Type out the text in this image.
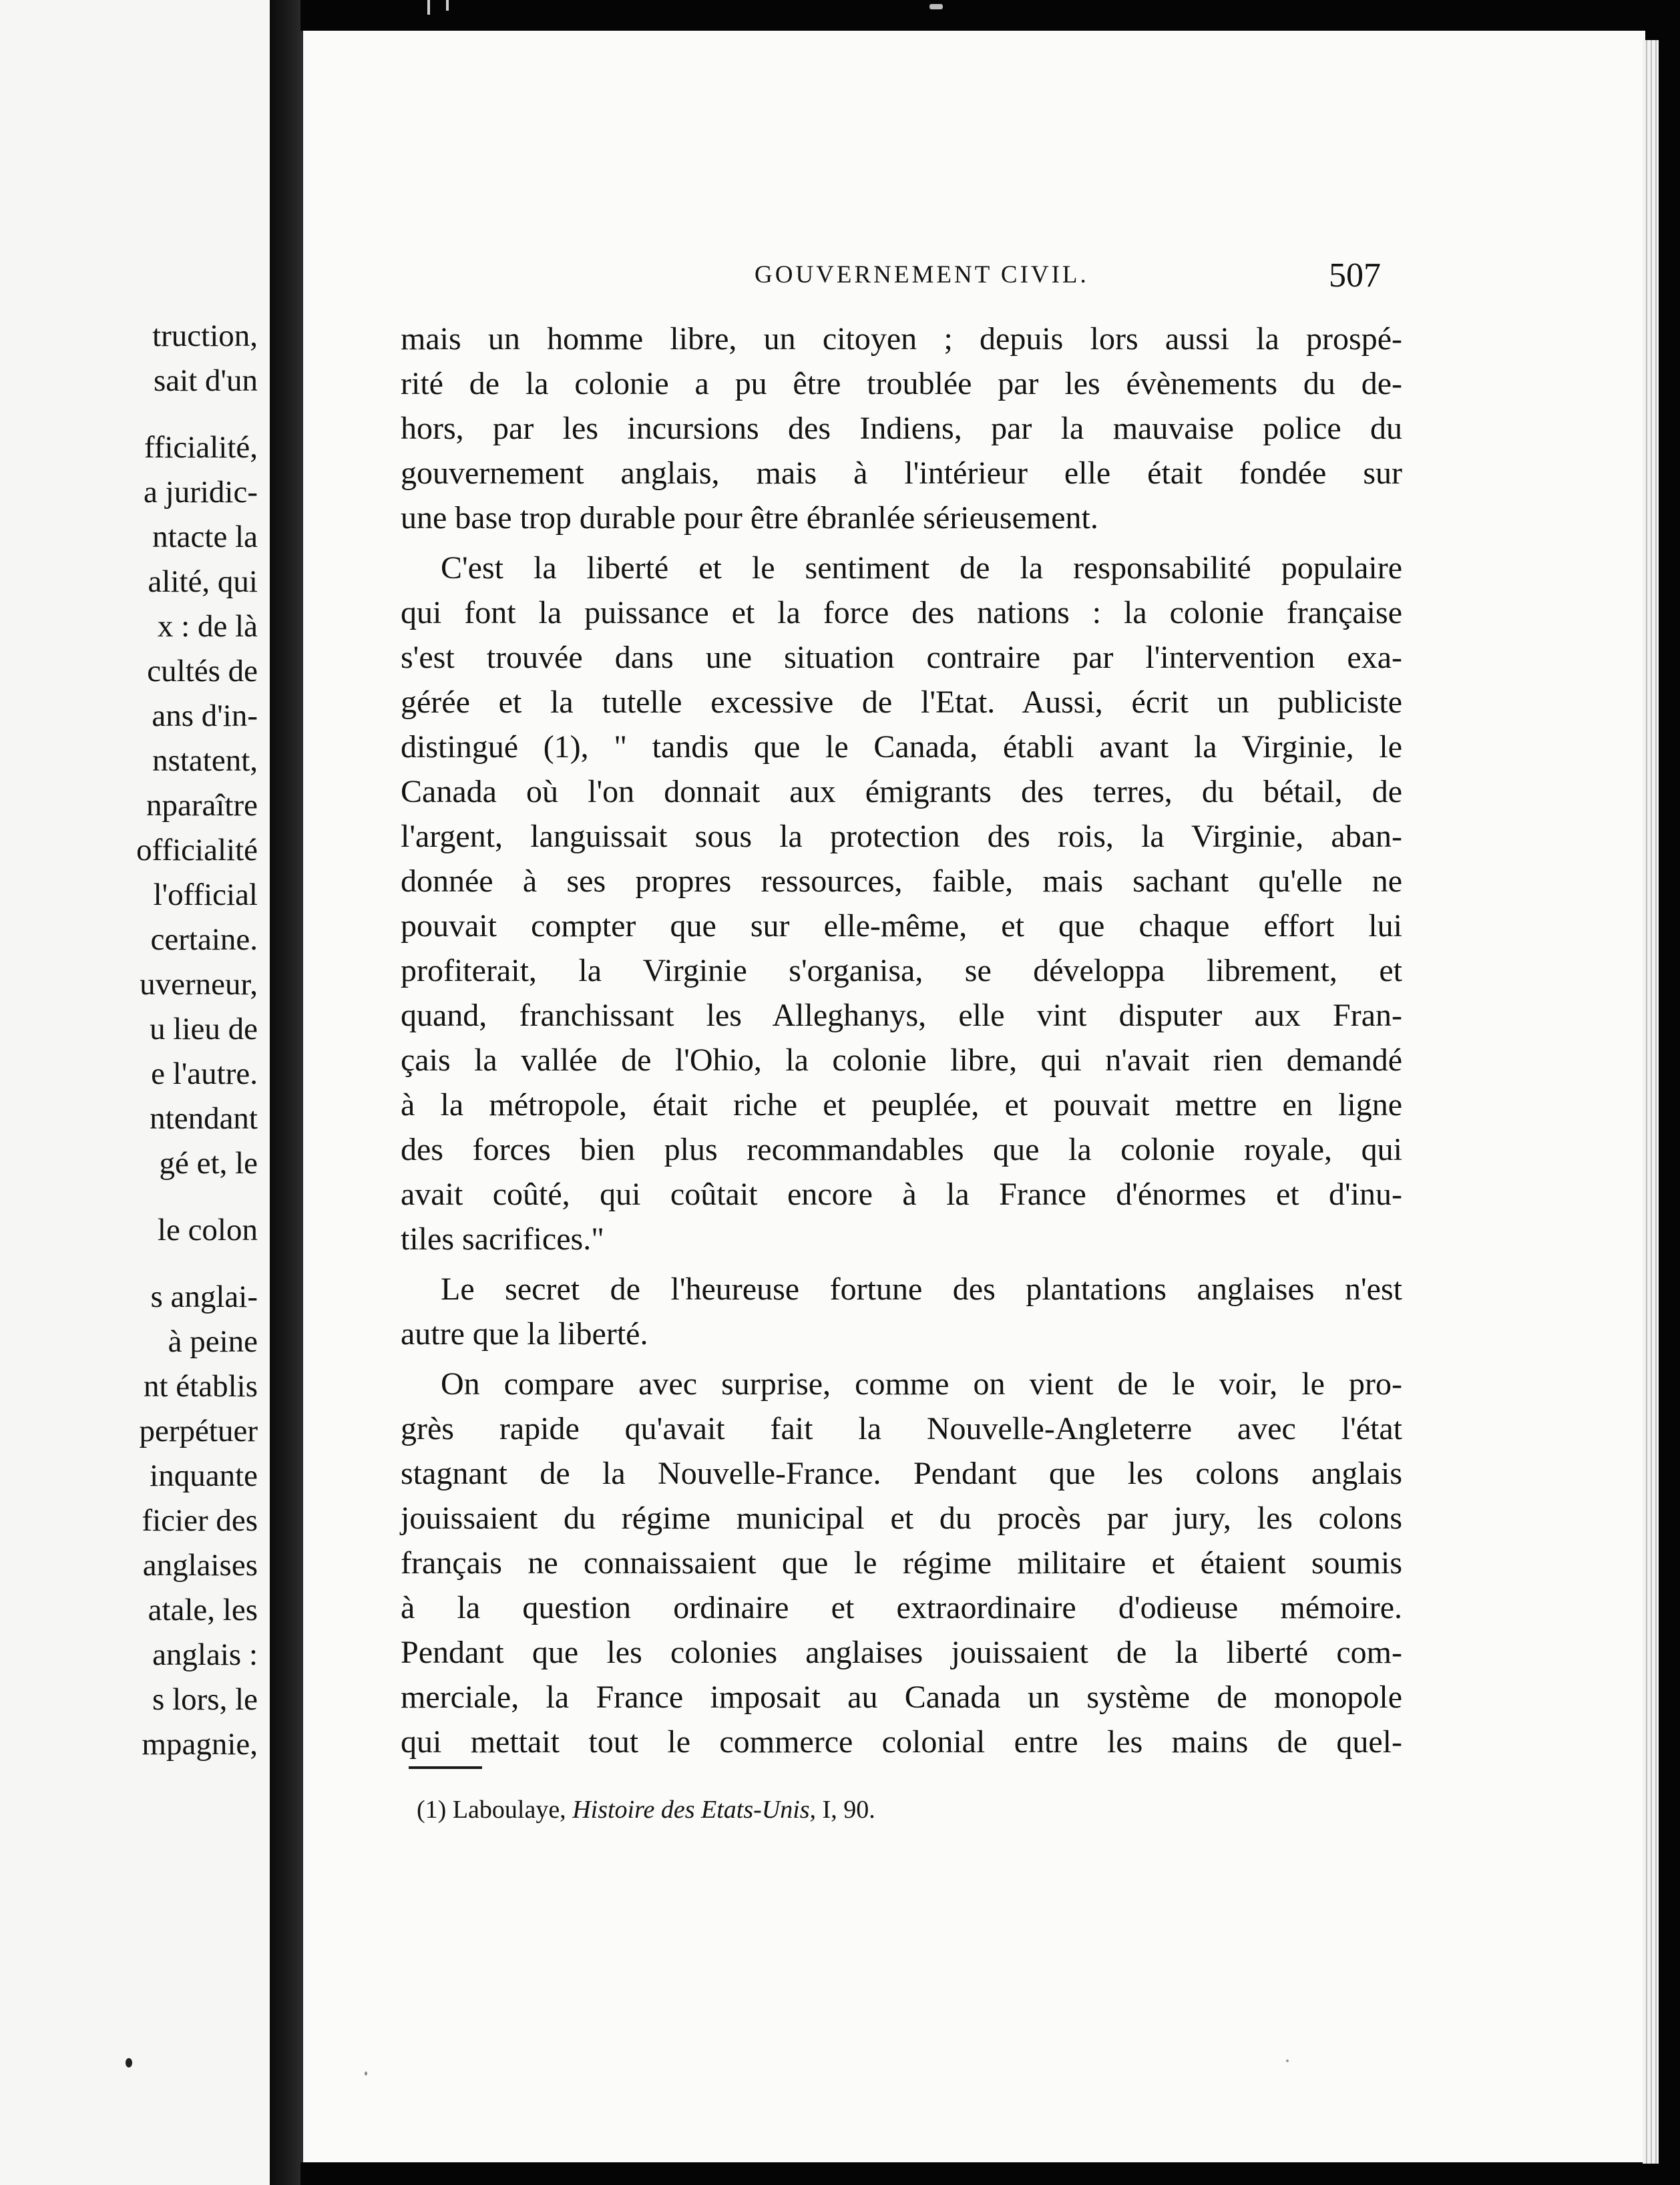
truction,
sait d'un
fficialité,
a juridic-
ntacte la
alité, qui
x : de là
cultés de
ans d'in-
nstatent,
nparaître
officialité
l'official
certaine.
uverneur,
u lieu de
e l'autre.
ntendant
gé et, le
le colon
s anglai-
à peine
nt établis
perpétuer
inquante
ficier des
anglaises
atale, les
anglais :
s lors, le
mpagnie,
GOUVERNEMENT CIVIL.	507
mais un homme libre, un citoyen ; depuis lors aussi la prospé-
rité de la colonie a pu être troublée par les évènements du de-
hors, par les incursions des Indiens, par la mauvaise police du
gouvernement anglais, mais à l'intérieur elle était fondée sur
une base trop durable pour être ébranlée sérieusement.
C'est la liberté et le sentiment de la responsabilité populaire
qui font la puissance et la force des nations : la colonie française
s'est trouvée dans une situation contraire par l'intervention exa-
gérée et la tutelle excessive de l'Etat. Aussi, écrit un publiciste
distingué (1), " tandis que le Canada, établi avant la Virginie, le
Canada où l'on donnait aux émigrants des terres, du bétail, de
l'argent, languissait sous la protection des rois, la Virginie, aban-
donnée à ses propres ressources, faible, mais sachant qu'elle ne
pouvait compter que sur elle-même, et que chaque effort lui
profiterait, la Virginie s'organisa, se développa librement, et
quand, franchissant les Alleghanys, elle vint disputer aux Fran-
çais la vallée de l'Ohio, la colonie libre, qui n'avait rien demandé
à la métropole, était riche et peuplée, et pouvait mettre en ligne
des forces bien plus recommandables que la colonie royale, qui
avait coûté, qui coûtait encore à la France d'énormes et d'inu-
tiles sacrifices."
Le secret de l'heureuse fortune des plantations anglaises n'est
autre que la liberté.
On compare avec surprise, comme on vient de le voir, le pro-
grès rapide qu'avait fait la Nouvelle-Angleterre avec l'état
stagnant de la Nouvelle-France. Pendant que les colons anglais
jouissaient du régime municipal et du procès par jury, les colons
français ne connaissaient que le régime militaire et étaient soumis
à la question ordinaire et extraordinaire d'odieuse mémoire.
Pendant que les colonies anglaises jouissaient de la liberté com-
merciale, la France imposait au Canada un système de monopole
qui mettait tout le commerce colonial entre les mains de quel-
(1) Laboulaye, Histoire des Etats-Unis, I, 90.
